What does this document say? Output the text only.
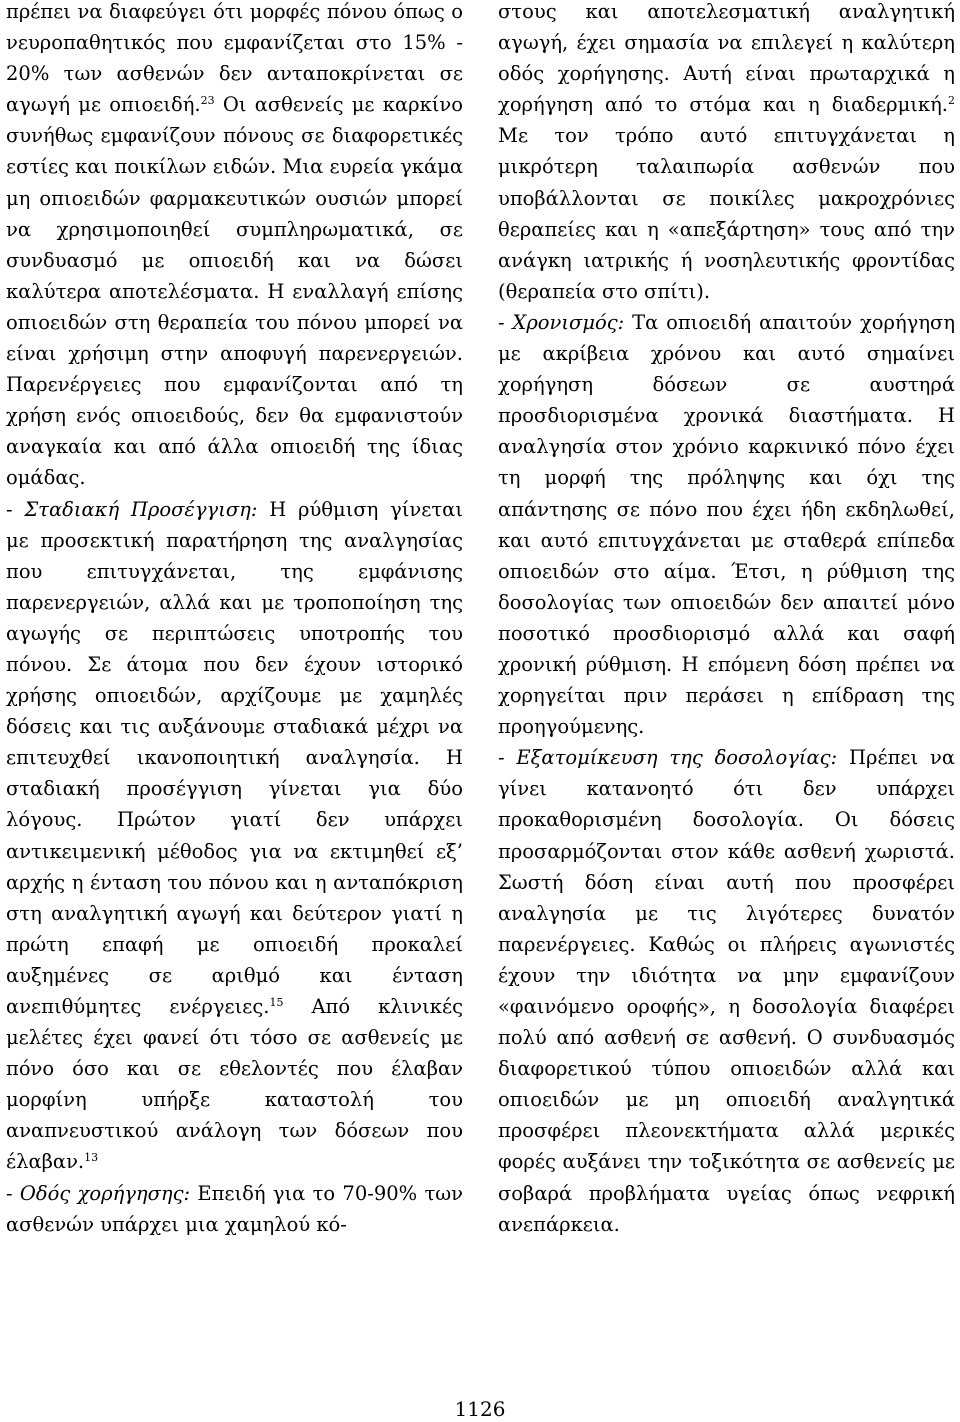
πρέπει να διαφεύγει ότι μορφές πόνου όπως ο νευροπαθητικός που εμφανίζεται στο 15% - 20% των ασθενών δεν ανταποκρίνεται σε αγωγή με οπιοειδή.$^{23}$ Οι ασθενείς με καρκίνο συνήθως εμφανίζουν πόνους σε διαφορετικές εστίες και ποικίλων ειδών. Μια ευρεία γκάμα μη οπιοειδών φαρμακευτικών ουσιών μπορεί να χρησιμοποιηθεί συμπληρωματικά, σε συνδυασμό με οπιοειδή και να δώσει καλύτερα αποτελέσματα. Η εναλλαγή επίσης οπιοειδών στη θεραπεία του πόνου μπορεί να είναι χρήσιμη στην αποφυγή παρενεργειών. Παρενέργειες που εμφανίζονται από τη χρήση ενός οπιοειδούς, δεν θα εμφανιστούν αναγκαία και από άλλα οπιοειδή της ίδιας ομάδας.

- Σταδιακή Προσέγγιση: Η ρύθμιση γίνεται με προσεκτική παρατήρηση της αναλγησίας που επιτυγχάνεται, της εμφάνισης παρενεργειών, αλλά και με τροποποίηση της αγωγής σε περιπτώσεις υποτροπής του πόνου. Σε άτομα που δεν έχουν ιστορικό χρήσης οπιοειδών, αρχίζουμε με χαμηλές δόσεις και τις αυξάνουμε σταδιακά μέχρι να επιτευχθεί ικανοποιητική αναλγησία. Η σταδιακή προσέγγιση γίνεται για δύο λόγους. Πρώτον γιατί δεν υπάρχει αντικειμενική μέθοδος για να εκτιμηθεί εξ’ αρχής η ένταση του πόνου και η ανταπόκριση στη αναλγητική αγωγή και δεύτερον γιατί η πρώτη επαφή με οπιοειδή προκαλεί αυξημένες σε αριθμό και ένταση ανεπιθύμητες ενέργειες.$^{15}$ Από κλινικές μελέτες έχει φανεί ότι τόσο σε ασθενείς με πόνο όσο και σε εθελοντές που έλαβαν μορφίνη υπήρξε καταστολή του αναπνευστικού ανάλογη των δόσεων που έλαβαν.$^{13}$

- Οδός χορήγησης: Επειδή για το 70-90% των ασθενών υπάρχει μια χαμηλού κό-

στους και αποτελεσματική αναλγητική αγωγή, έχει σημασία να επιλεγεί η καλύτερη οδός χορήγησης. Αυτή είναι πρωταρχικά η χορήγηση από το στόμα και η διαδερμική.$^2$ Με τον τρόπο αυτό επιτυγχάνεται η μικρότερη ταλαιπωρία ασθενών που υποβάλλονται σε ποικίλες μακροχρόνιες θεραπείες και η «απεξάρτηση» τους από την ανάγκη ιατρικής ή νοσηλευτικής φροντίδας (θεραπεία στο σπίτι).

- Χρονισμός: Τα οπιοειδή απαιτούν χορήγηση με ακρίβεια χρόνου και αυτό σημαίνει χορήγηση δόσεων σε αυστηρά προσδιορισμένα χρονικά διαστήματα. Η αναλγησία στον χρόνιο καρκινικό πόνο έχει τη μορφή της πρόληψης και όχι της απάντησης σε πόνο που έχει ήδη εκδηλωθεί, και αυτό επιτυγχάνεται με σταθερά επίπεδα οπιοειδών στο αίμα. Έτσι, η ρύθμιση της δοσολογίας των οπιοειδών δεν απαιτεί μόνο ποσοτικό προσδιορισμό αλλά και σαφή χρονική ρύθμιση. Η επόμενη δόση πρέπει να χορηγείται πριν περάσει η επίδραση της προηγούμενης.

- Εξατομίκευση της δοσολογίας: Πρέπει να γίνει κατανοητό ότι δεν υπάρχει προκαθορισμένη δοσολογία. Οι δόσεις προσαρμόζονται στον κάθε ασθενή χωριστά. Σωστή δόση είναι αυτή που προσφέρει αναλγησία με τις λιγότερες δυνατόν παρενέργειες. Καθώς οι πλήρεις αγωνιστές έχουν την ιδιότητα να μην εμφανίζουν «φαινόμενο οροφής», η δοσολογία διαφέρει πολύ από ασθενή σε ασθενή. Ο συνδυασμός διαφορετικού τύπου οπιοειδών αλλά και οπιοειδών με μη οπιοειδή αναλγητικά προσφέρει πλεονεκτήματα αλλά μερικές φορές αυξάνει την τοξικότητα σε ασθενείς με σοβαρά προβλήματα υγείας όπως νεφρική ανεπάρκεια.

1126
